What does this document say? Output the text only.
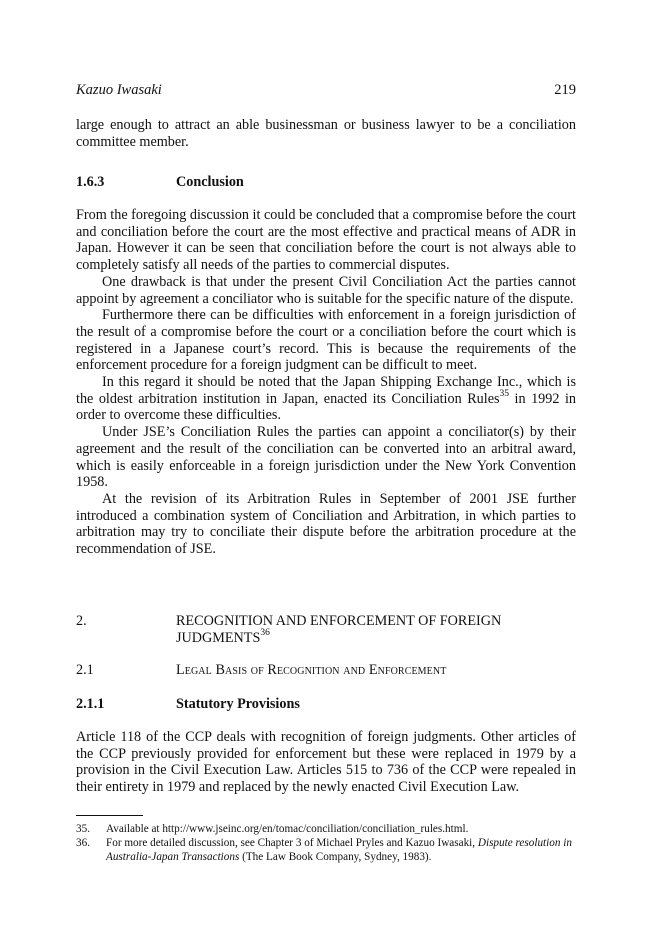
Kazuo Iwasaki	219

large enough to attract an able businessman or business lawyer to be a conciliation committee member.

1.6.3	Conclusion

From the foregoing discussion it could be concluded that a compromise before the court and conciliation before the court are the most effective and practical means of ADR in Japan. However it can be seen that conciliation before the court is not always able to completely satisfy all needs of the parties to commercial disputes.

One drawback is that under the present Civil Conciliation Act the parties cannot appoint by agreement a conciliator who is suitable for the specific nature of the dispute.

Furthermore there can be difficulties with enforcement in a foreign jurisdiction of the result of a compromise before the court or a conciliation before the court which is registered in a Japanese court’s record. This is because the requirements of the enforcement procedure for a foreign judgment can be difficult to meet.

In this regard it should be noted that the Japan Shipping Exchange Inc., which is the oldest arbitration institution in Japan, enacted its Conciliation Rules$^{35}$ in 1992 in order to overcome these difficulties.

Under JSE’s Conciliation Rules the parties can appoint a conciliator(s) by their agreement and the result of the conciliation can be converted into an arbitral award, which is easily enforceable in a foreign jurisdiction under the New York Convention 1958.

At the revision of its Arbitration Rules in September of 2001 JSE further introduced a combination system of Conciliation and Arbitration, in which parties to arbitration may try to conciliate their dispute before the arbitration procedure at the recommendation of JSE.

2.	RECOGNITION AND ENFORCEMENT OF FOREIGN
JUDGMENTS$^{36}$
2.1	Legal Basis of Recognition and Enforcement
2.1.1	Statutory Provisions

Article 118 of the CCP deals with recognition of foreign judgments. Other articles of the CCP previously provided for enforcement but these were replaced in 1979 by a provision in the Civil Execution Law. Articles 515 to 736 of the CCP were repealed in their entirety in 1979 and replaced by the newly enacted Civil Execution Law.

35.	Available at http://www.jseinc.org/en/tomac/conciliation/conciliation_rules.html.
36.	For more detailed discussion, see Chapter 3 of Michael Pryles and Kazuo Iwasaki, Dispute resolution in Australia-Japan Transactions (The Law Book Company, Sydney, 1983).
